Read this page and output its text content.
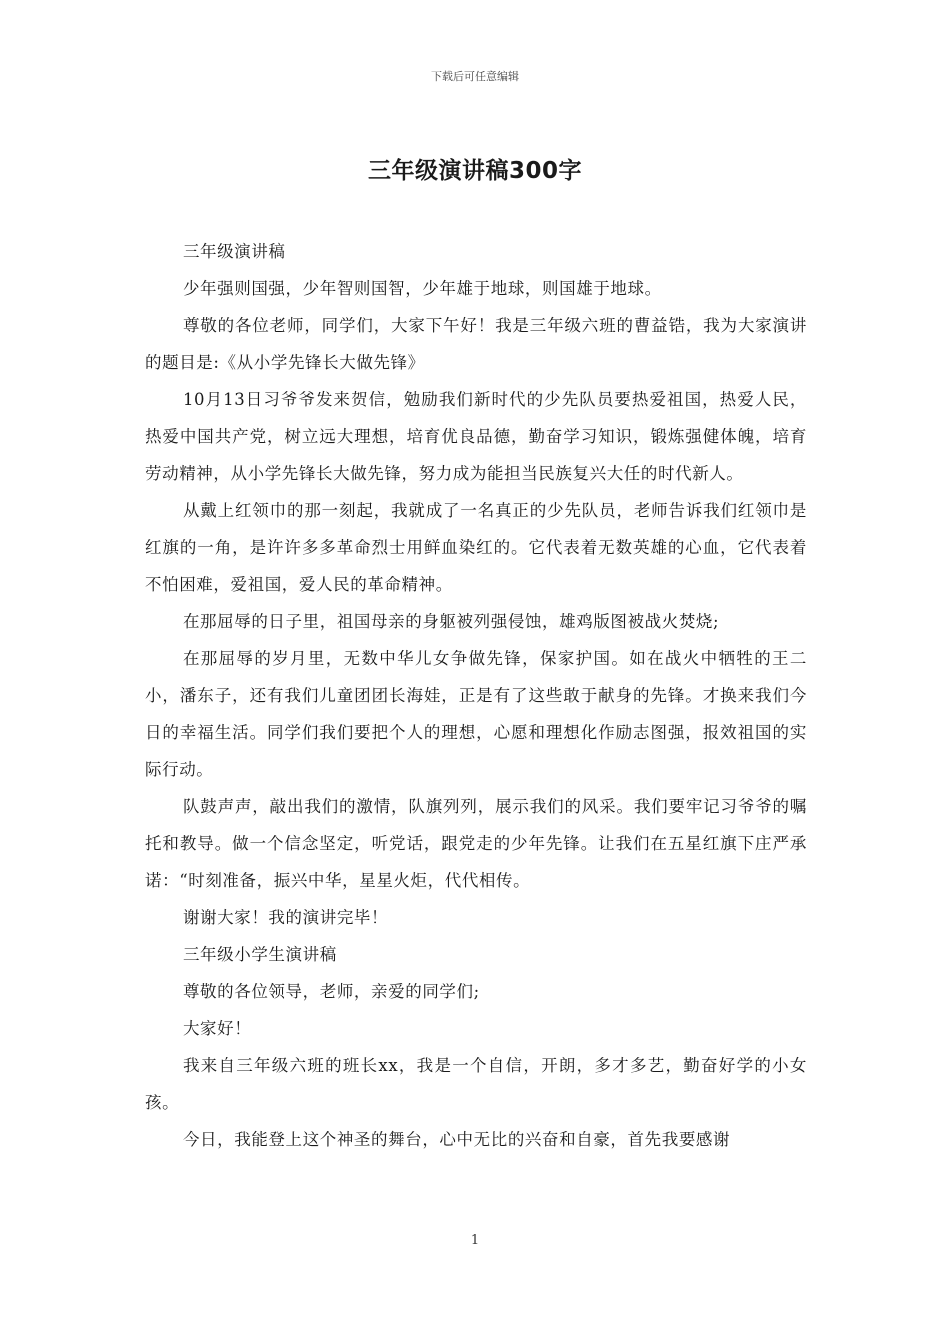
下载后可任意编辑
三年级演讲稿300字

三年级演讲稿

少年强则国强，少年智则国智，少年雄于地球，则国雄于地球。

尊敬的各位老师，同学们，大家下午好！我是三年级六班的曹益锆，我为大家演讲的题目是:《从小学先锋长大做先锋》

10月13日习爷爷发来贺信，勉励我们新时代的少先队员要热爱祖国，热爱人民，热爱中国共产党，树立远大理想，培育优良品德，勤奋学习知识，锻炼强健体魄，培育劳动精神，从小学先锋长大做先锋，努力成为能担当民族复兴大任的时代新人。

从戴上红领巾的那一刻起，我就成了一名真正的少先队员，老师告诉我们红领巾是红旗的一角，是许许多多革命烈士用鲜血染红的。它代表着无数英雄的心血，它代表着不怕困难，爱祖国，爱人民的革命精神。

在那屈辱的日子里，祖国母亲的身躯被列强侵蚀，雄鸡版图被战火焚烧;

在那屈辱的岁月里，无数中华儿女争做先锋，保家护国。如在战火中牺牲的王二小，潘东子，还有我们儿童团团长海娃，正是有了这些敢于献身的先锋。才换来我们今日的幸福生活。同学们我们要把个人的理想，心愿和理想化作励志图强，报效祖国的实际行动。

队鼓声声，敲出我们的激情，队旗列列，展示我们的风采。我们要牢记习爷爷的嘱托和教导。做一个信念坚定，听党话，跟党走的少年先锋。让我们在五星红旗下庄严承诺：“时刻准备，振兴中华，星星火炬，代代相传。

谢谢大家！我的演讲完毕！

三年级小学生演讲稿

尊敬的各位领导，老师，亲爱的同学们;

大家好！

我来自三年级六班的班长xx，我是一个自信，开朗，多才多艺，勤奋好学的小女孩。

今日，我能登上这个神圣的舞台，心中无比的兴奋和自豪，首先我要感谢

1
